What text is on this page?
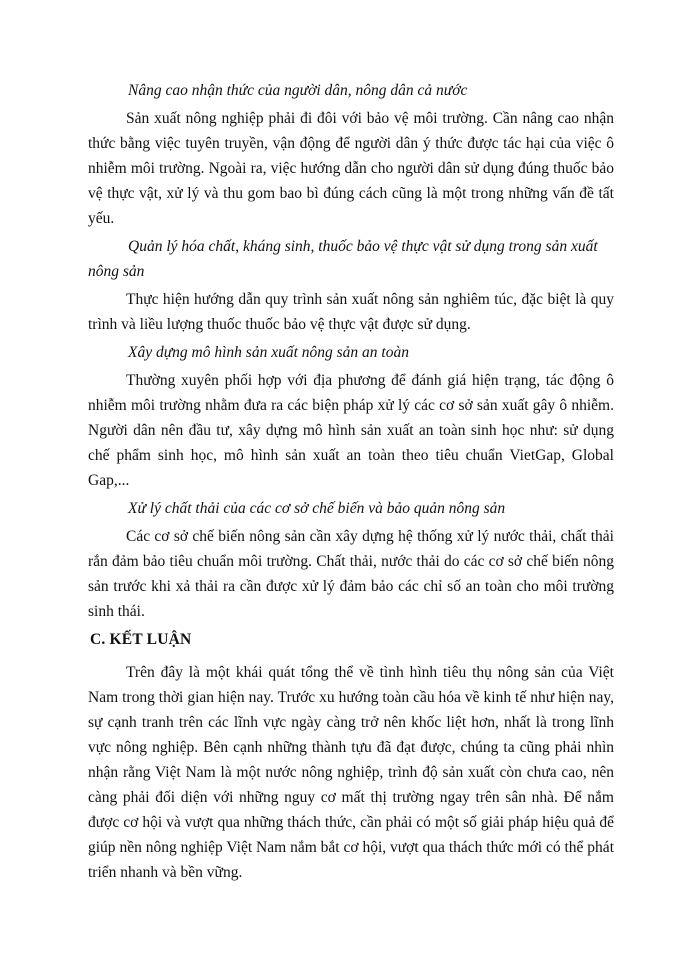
Nâng cao nhận thức của người dân, nông dân cả nước

Sản xuất nông nghiệp phải đi đôi với bảo vệ môi trường. Cần nâng cao nhận thức bằng việc tuyên truyền, vận động để người dân ý thức được tác hại của việc ô nhiễm môi trường. Ngoài ra, việc hướng dẫn cho người dân sử dụng đúng thuốc bảo vệ thực vật, xử lý và thu gom bao bì đúng cách cũng là một trong những vấn đề tất yếu.

Quản lý hóa chất, kháng sinh, thuốc bảo vệ thực vật sử dụng trong sản xuất nông sản

Thực hiện hướng dẫn quy trình sản xuất nông sản nghiêm túc, đặc biệt là quy trình và liều lượng thuốc thuốc bảo vệ thực vật được sử dụng.

Xây dựng mô hình sản xuất nông sản an toàn

Thường xuyên phối hợp với địa phương để đánh giá hiện trạng, tác động ô nhiễm môi trường nhằm đưa ra các biện pháp xử lý các cơ sở sản xuất gây ô nhiễm. Người dân nên đầu tư, xây dựng mô hình sản xuất an toàn sinh học như: sử dụng chế phẩm sinh học, mô hình sản xuất an toàn theo tiêu chuẩn VietGap, Global Gap,...

Xử lý chất thải của các cơ sở chế biến và bảo quản nông sản

Các cơ sở chế biến nông sản cần xây dựng hệ thống xử lý nước thải, chất thải rắn đảm bảo tiêu chuẩn môi trường. Chất thải, nước thải do các cơ sở chế biến nông sản trước khi xả thải ra cần được xử lý đảm bảo các chỉ số an toàn cho môi trường sinh thái.

C. KẾT LUẬN

Trên đây là một khái quát tổng thể về tình hình tiêu thụ nông sản của Việt Nam trong thời gian hiện nay. Trước xu hướng toàn cầu hóa về kinh tế như hiện nay, sự cạnh tranh trên các lĩnh vực ngày càng trở nên khốc liệt hơn, nhất là trong lĩnh vực nông nghiệp. Bên cạnh những thành tựu đã đạt được, chúng ta cũng phải nhìn nhận rằng Việt Nam là một nước nông nghiệp, trình độ sản xuất còn chưa cao, nên càng phải đối diện với những nguy cơ mất thị trường ngay trên sân nhà. Để nắm được cơ hội và vượt qua những thách thức, cần phải có một số giải pháp hiệu quả để giúp nền nông nghiệp Việt Nam nắm bắt cơ hội, vượt qua thách thức mới có thể phát triển nhanh và bền vững.
